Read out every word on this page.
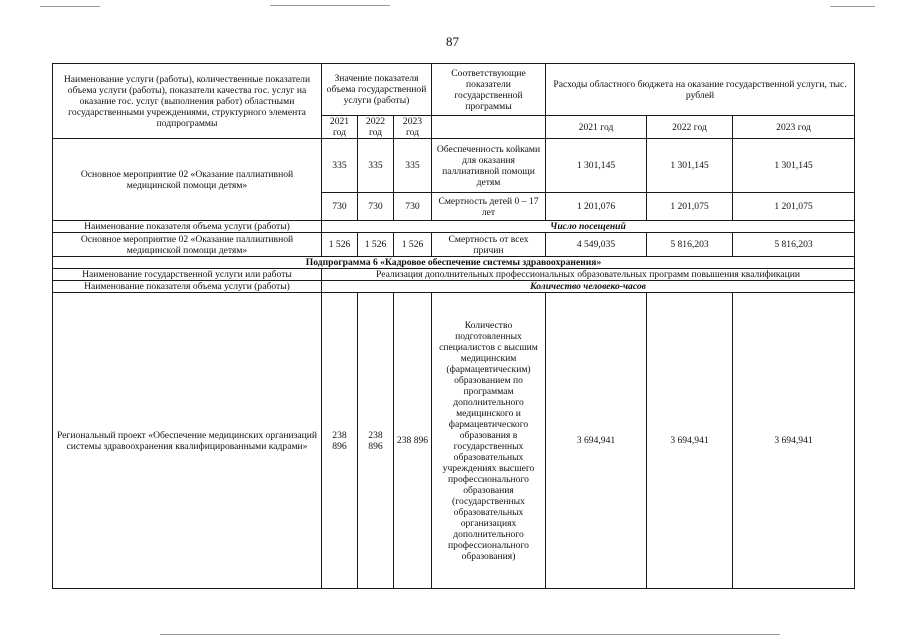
87
Наименование услуги (работы), количественные показатели объема услуги (работы), показатели качества гос. услуг на оказание гос. услуг (выполнения работ) областными государственными учреждениями, структурного элемента подпрограммы	Значение показателя объема государственной услуги (работы)			Соответствующие показатели государственной программы	Расходы областного бюджета на оказание государственной услуги, тыс. рублей		
	2021 год	2022 год	2023 год		2021 год	2022 год	2023 год
Основное мероприятие 02 «Оказание паллиативной медицинской помощи детям»	335	335	335	Обеспеченность койками для оказания паллиативной помощи детям	1 301,145	1 301,145	1 301,145
	730	730	730	Смертность детей 0 – 17 лет	1 201,076	1 201,075	1 201,075
Наименование показателя объема услуги (работы)	Число посещений						
Основное мероприятие 02 «Оказание паллиативной медицинской помощи детям»	1 526	1 526	1 526	Смертность от всех причин	4 549,035	5 816,203	5 816,203
Подпрограмма 6 «Кадровое обеспечение системы здравоохранения»							
Наименование государственной услуги или работы	Реализация дополнительных профессиональных образовательных программ повышения квалификации						
Наименование показателя объема услуги (работы)	Количество человеко-часов						
Региональный проект «Обеспечение медицинских организаций системы здравоохранения квалифицированными кадрами»	238 896	238 896	238 896	Количество подготовленных специалистов с высшим медицинским (фармацевтическим) образованием по программам дополнительного медицинского и фармацевтического образования в государственных образовательных учреждениях высшего профессионального образования (государственных образовательных организациях дополнительного профессионального образования)	3 694,941	3 694,941	3 694,941
